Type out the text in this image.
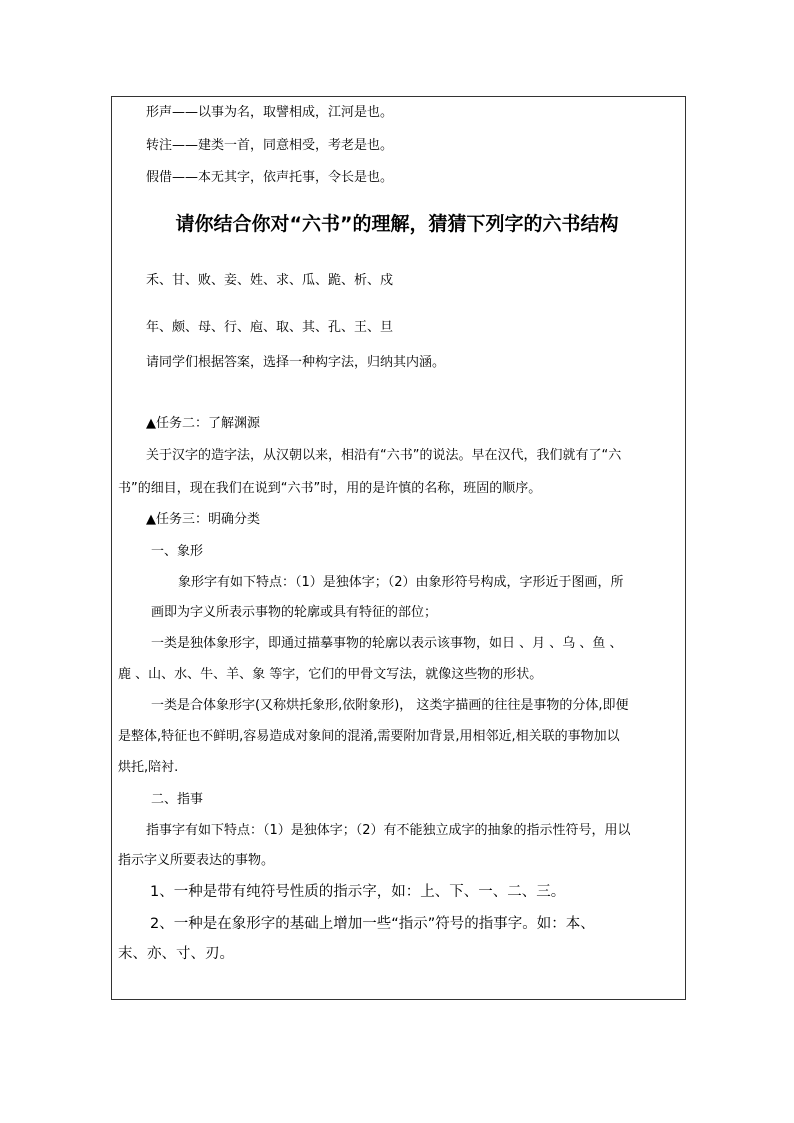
形声——以事为名，取譬相成，江河是也。
转注——建类一首，同意相受，考老是也。
假借——本无其字，依声托事，令长是也。
请你结合你对“六书”的理解，猜猜下列字的六书结构
禾、甘、败、妾、姓、求、瓜、跪、析、戍
年、颇、母、行、庖、取、其、孔、王、旦
请同学们根据答案，选择一种构字法，归纳其内涵。
▲任务二：了解渊源
关于汉字的造字法，从汉朝以来，相沿有“六书”的说法。早在汉代，我们就有了“六
书”的细目，现在我们在说到“六书”时，用的是许慎的名称，班固的顺序。
▲任务三：明确分类
一、象形
象形字有如下特点：（1）是独体字；（2）由象形符号构成，字形近于图画，所
画即为字义所表示事物的轮廓或具有特征的部位；
一类是独体象形字，即通过描摹事物的轮廓以表示该事物，如日 、月 、乌 、鱼 、
鹿 、山、水、牛、羊、象 等字，它们的甲骨文写法，就像这些物的形状。
一类是合体象形字(又称烘托象形,依附象形)， 这类字描画的往往是事物的分体,即便
是整体,特征也不鲜明,容易造成对象间的混淆,需要附加背景,用相邻近,相关联的事物加以
烘托,陪衬.
二、指事
指事字有如下特点：（1）是独体字；（2）有不能独立成字的抽象的指示性符号，用以
指示字义所要表达的事物。
1、一种是带有纯符号性质的指示字，如：上、下、一、二、三。
2、一种是在象形字的基础上增加一些“指示”符号的指事字。如：本、
末、亦、寸、刃。
